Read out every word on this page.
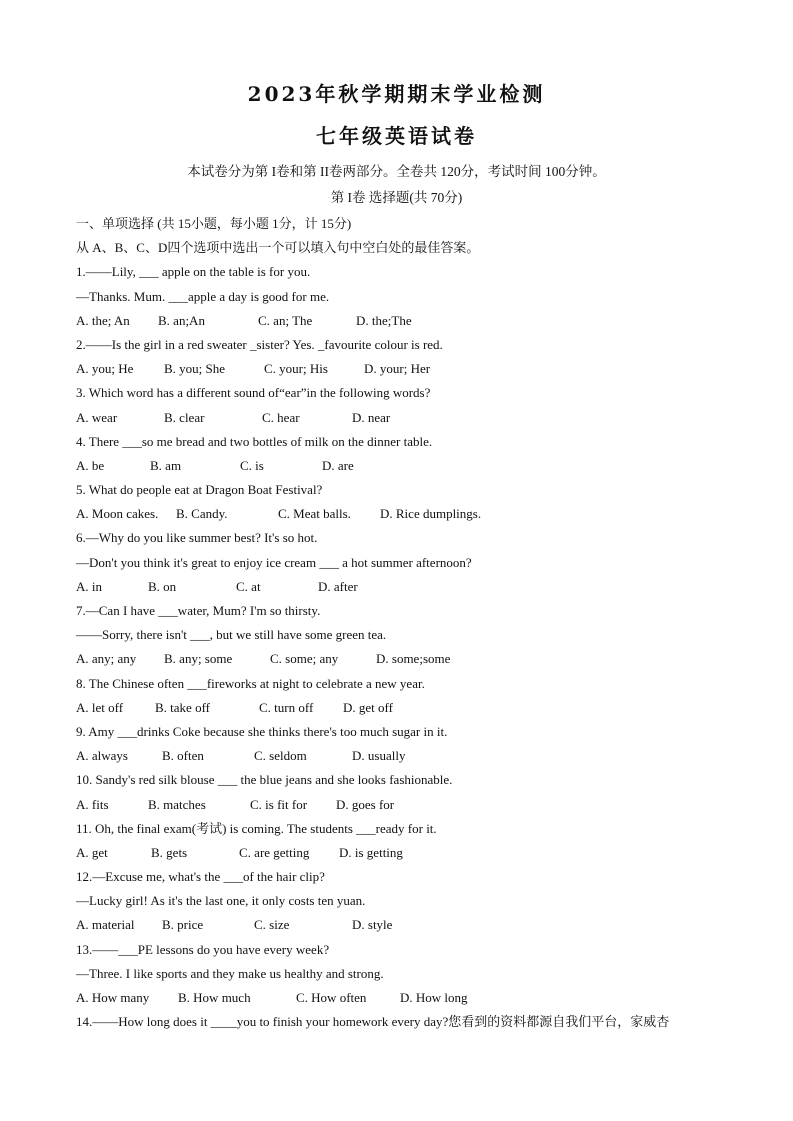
2023年秋学期期末学业检测
七年级英语试卷
本试卷分为第 I卷和第 II卷两部分。全卷共 120分，考试时间 100分钟。
第 I卷 选择题(共 70分)
一、单项选择 (共 15小题，每小题 1分，计 15分)
从 A、B、C、D四个选项中选出一个可以填入句中空白处的最佳答案。
1.——Lily, ___ apple on the table is for you.
—Thanks. Mum. ___apple a day is good for me.
A. the; An	B. an;An	C. an; The	D. the;The
2.——Is the girl in a red sweater _sister? Yes. _favourite colour is red.
A. you; He	B. you; She	C. your; His	D. your; Her
3. Which word has a different sound of“ear”in the following words?
A. wear	B. clear	C. hear	D. near
4. There ___so me bread and two bottles of milk on the dinner table.
A. be	B. am	C. is	D. are
5. What do people eat at Dragon Boat Festival?
A. Moon cakes.	B. Candy.	C. Meat balls.	D. Rice dumplings.
6.—Why do you like summer best? It's so hot.
—Don't you think it's great to enjoy ice cream ___ a hot summer afternoon?
A. in	B. on	C. at	D. after
7.—Can I have ___water, Mum? I'm so thirsty.
——Sorry, there isn't ___, but we still have some green tea.
A. any; any	B. any; some	C. some; any	D. some;some
8. The Chinese often ___fireworks at night to celebrate a new year.
A. let off	B. take off	C. turn off	D. get off
9. Amy ___drinks Coke because she thinks there's too much sugar in it.
A. always	B. often	C. seldom	D. usually
10. Sandy's red silk blouse ___ the blue jeans and she looks fashionable.
A. fits	B. matches	C. is fit for	D. goes for
11. Oh, the final exam(考试) is coming. The students ___ready for it.
A. get	B. gets	C. are getting	D. is getting
12.—Excuse me, what's the ___of the hair clip?
—Lucky girl! As it's the last one, it only costs ten yuan.
A. material	B. price	C. size	D. style
13.——___PE lessons do you have every week?
—Three. I like sports and they make us healthy and strong.
A. How many	B. How much	C. How often	D. How long
14.——How long does it ____you to finish your homework every day?您看到的资料都源自我们平台，家威杏
